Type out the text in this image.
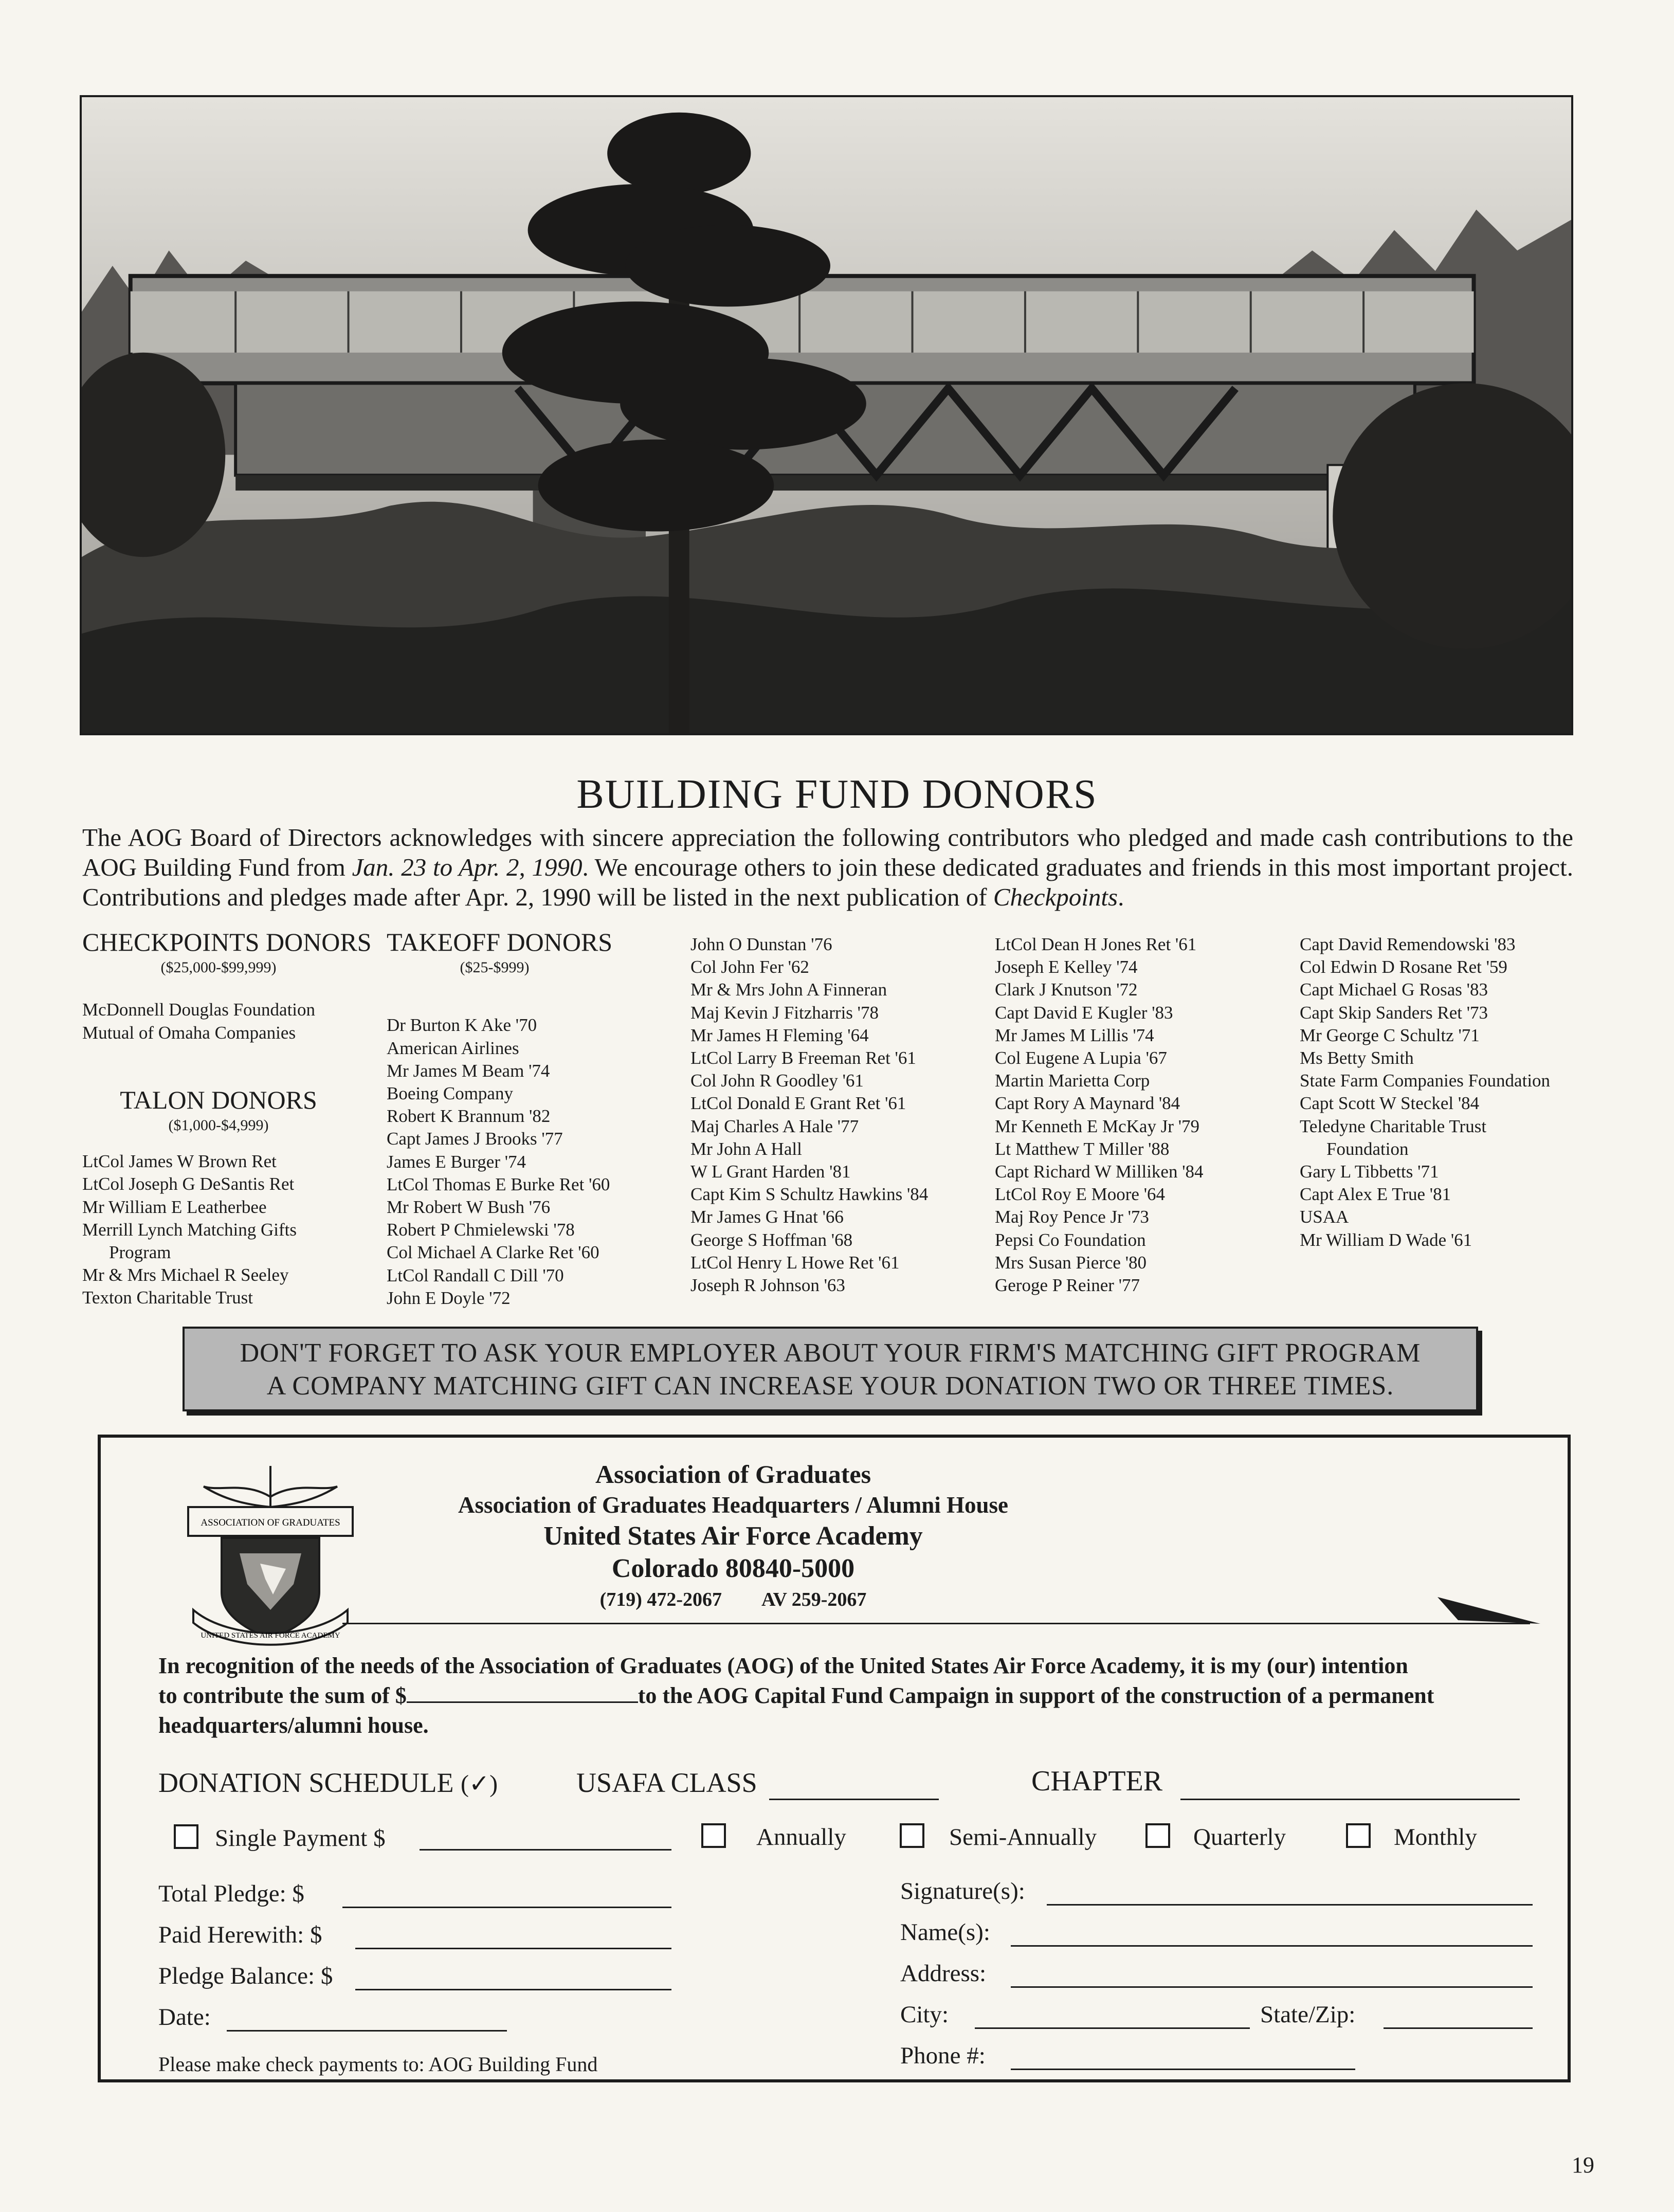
BUILDING FUND DONORS

The AOG Board of Directors acknowledges with sincere appreciation the following contributors who pledged and made cash contributions to the AOG Building Fund from Jan. 23 to Apr. 2, 1990. We encourage others to join these dedicated graduates and friends in this most important project. Contributions and pledges made after Apr. 2, 1990 will be listed in the next publication of Checkpoints.

CHECKPOINTS DONORS
($25,000-$99,999)
McDonnell Douglas Foundation
Mutual of Omaha Companies
TALON DONORS
($1,000-$4,999)
LtCol James W Brown Ret
LtCol Joseph G DeSantis Ret
Mr William E Leatherbee
Merrill Lynch Matching Gifts
Program
Mr & Mrs Michael R Seeley
Texton Charitable Trust
TAKEOFF DONORS
($25-$999)
Dr Burton K Ake '70
American Airlines
Mr James M Beam '74
Boeing Company
Robert K Brannum '82
Capt James J Brooks '77
James E Burger '74
LtCol Thomas E Burke Ret '60
Mr Robert W Bush '76
Robert P Chmielewski '78
Col Michael A Clarke Ret '60
LtCol Randall C Dill '70
John E Doyle '72
John O Dunstan '76
Col John Fer '62
Mr & Mrs John A Finneran
Maj Kevin J Fitzharris '78
Mr James H Fleming '64
LtCol Larry B Freeman Ret '61
Col John R Goodley '61
LtCol Donald E Grant Ret '61
Maj Charles A Hale '77
Mr John A Hall
W L Grant Harden '81
Capt Kim S Schultz Hawkins '84
Mr James G Hnat '66
George S Hoffman '68
LtCol Henry L Howe Ret '61
Joseph R Johnson '63
LtCol Dean H Jones Ret '61
Joseph E Kelley '74
Clark J Knutson '72
Capt David E Kugler '83
Mr James M Lillis '74
Col Eugene A Lupia '67
Martin Marietta Corp
Capt Rory A Maynard '84
Mr Kenneth E McKay Jr '79
Lt Matthew T Miller '88
Capt Richard W Milliken '84
LtCol Roy E Moore '64
Maj Roy Pence Jr '73
Pepsi Co Foundation
Mrs Susan Pierce '80
Geroge P Reiner '77
Capt David Remendowski '83
Col Edwin D Rosane Ret '59
Capt Michael G Rosas '83
Capt Skip Sanders Ret '73
Mr George C Schultz '71
Ms Betty Smith
State Farm Companies Foundation
Capt Scott W Steckel '84
Teledyne Charitable Trust
Foundation
Gary L Tibbetts '71
Capt Alex E True '81
USAA
Mr William D Wade '61
DON'T FORGET TO ASK YOUR EMPLOYER ABOUT YOUR FIRM'S MATCHING GIFT PROGRAM
A COMPANY MATCHING GIFT CAN INCREASE YOUR DONATION TWO OR THREE TIMES.
ASSOCIATION OF GRADUATES
UNITED STATES AIR FORCE ACADEMY
Association of Graduates
Association of Graduates Headquarters / Alumni House
United States Air Force Academy
Colorado 80840-5000
(719) 472-2067 AV 259-2067
In recognition of the needs of the Association of Graduates (AOG) of the United States Air Force Academy, it is my (our) intention
to contribute the sum of $	to the AOG Capital Fund Campaign in support of the construction of a permanent
headquarters/alumni house.
DONATION SCHEDULE (✓)	USAFA CLASS	CHAPTER
Single Payment $	Annually	Semi-Annually	Quarterly	Monthly
Total Pledge: $
Paid Herewith: $
Pledge Balance: $
Date:
Please make check payments to: AOG Building Fund
Signature(s):
Name(s):
Address:
City:	State/Zip:
Phone #:
19
